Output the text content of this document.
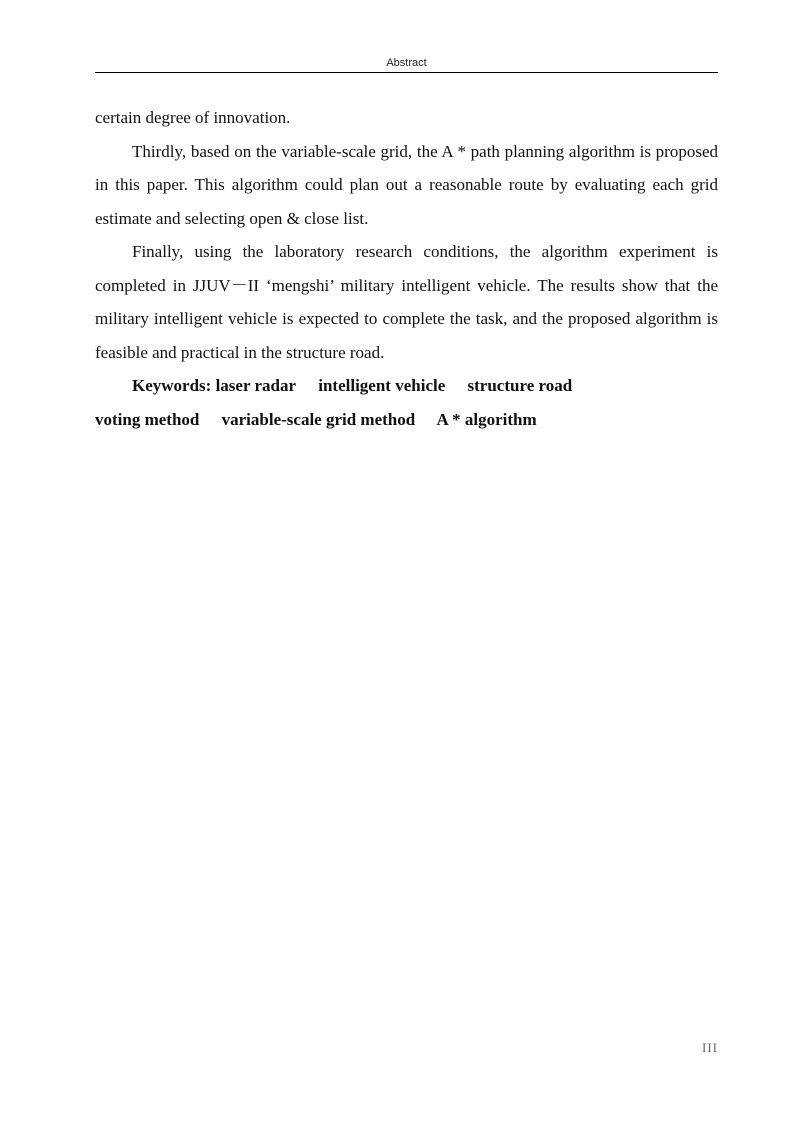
Abstract

certain degree of innovation.

Thirdly, based on the variable-scale grid, the A * path planning algorithm is proposed in this paper. This algorithm could plan out a reasonable route by evaluating each grid estimate and selecting open & close list.

Finally, using the laboratory research conditions, the algorithm experiment is completed in JJUV－II ‘mengshi’ military intelligent vehicle. The results show that the military intelligent vehicle is expected to complete the task, and the proposed algorithm is feasible and practical in the structure road.

Keywords: laser radar intelligent vehicle structure road

voting method variable-scale grid method A * algorithm

III
